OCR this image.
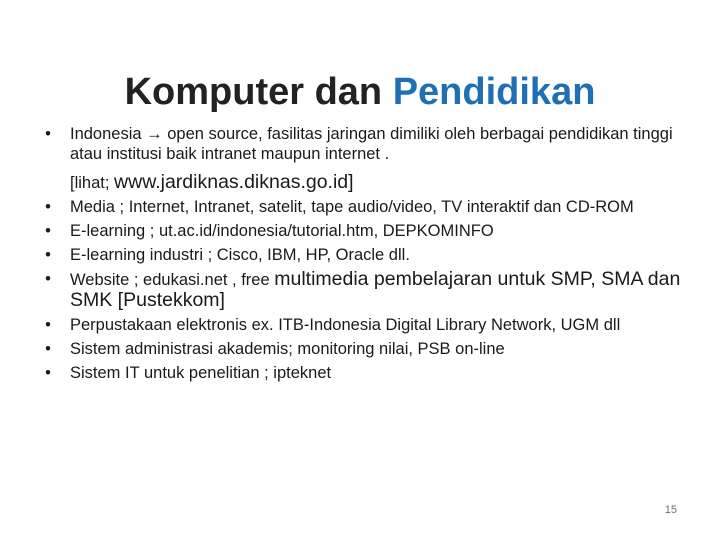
Komputer dan Pendidikan
•	Indonesia → open source, fasilitas jaringan dimiliki oleh berbagai pendidikan tinggi atau institusi baik intranet maupun internet .
[lihat; www.jardiknas.diknas.go.id]
•	Media ; Internet, Intranet, satelit, tape audio/video, TV interaktif dan CD-ROM
•	E-learning ; ut.ac.id/indonesia/tutorial.htm, DEPKOMINFO
•	E-learning industri ; Cisco, IBM, HP, Oracle dll.
•	Website ; edukasi.net , free multimedia pembelajaran untuk SMP, SMA dan SMK [Pustekkom]
•	Perpustakaan elektronis ex. ITB-Indonesia Digital Library Network, UGM dll
•	Sistem administrasi akademis; monitoring nilai, PSB on-line
•	Sistem IT untuk penelitian ; ipteknet
15
